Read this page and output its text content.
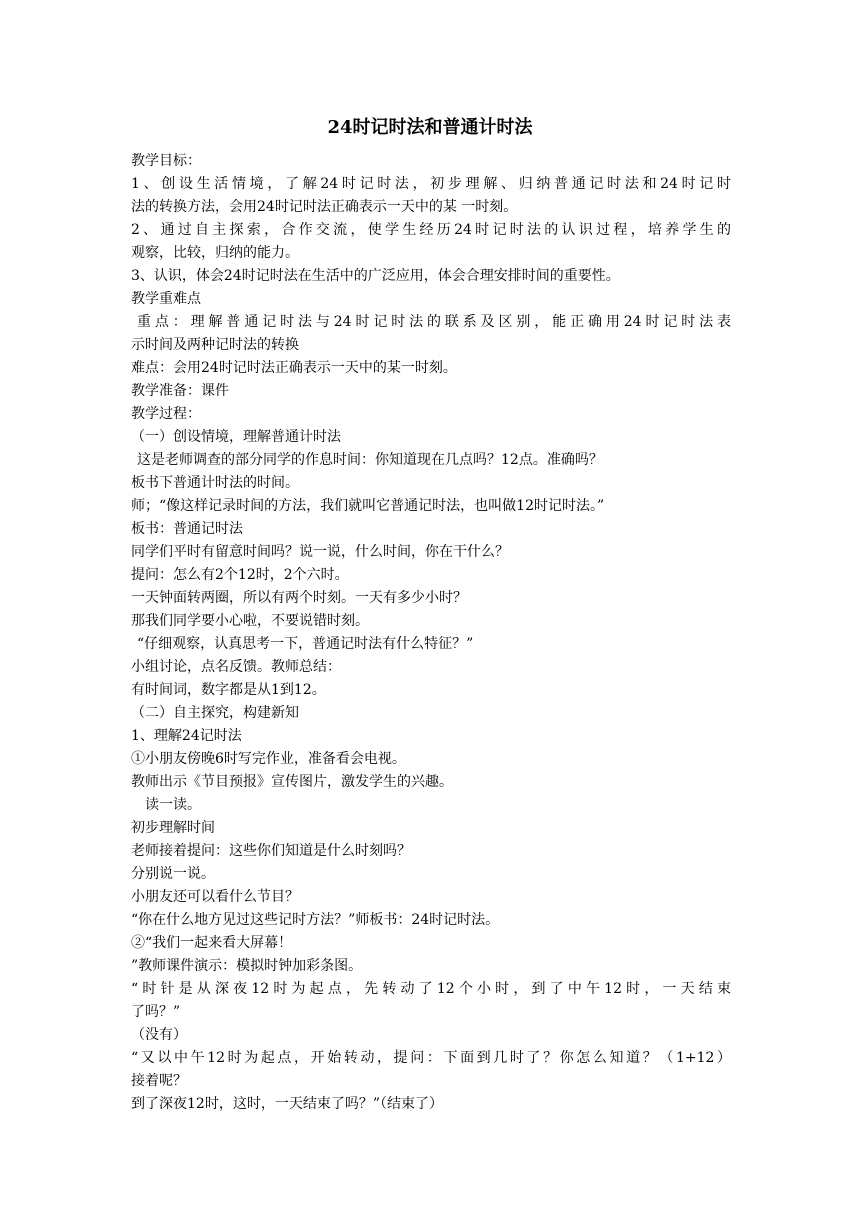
24时记时法和普通计时法
教学目标：
1、创设生活情境，了解24时记时法，初步理解、归纳普通记时法和24时记时
法的转换方法，会用24时记时法正确表示一天中的某 一时刻。
2、通过自主探索，合作交流，使学生经历24时记时法的认识过程，培养学生的
观察，比较，归纳的能力。
3、认识，体会24时记时法在生活中的广泛应用，体会合理安排时间的重要性。
教学重难点
重点：理解普通记时法与24时记时法的联系及区别，能正确用24时记时法表
示时间及两种记时法的转换
难点：会用24时记时法正确表示一天中的某一时刻。
教学准备：课件
教学过程：
（一）创设情境，理解普通计时法
这是老师调查的部分同学的作息时间：你知道现在几点吗？12点。准确吗？
板书下普通计时法的时间。
师；“像这样记录时间的方法，我们就叫它普通记时法，也叫做12时记时法。”
板书：普通记时法
同学们平时有留意时间吗？说一说，什么时间，你在干什么？
提问：怎么有2个12时，2个六时。
一天钟面转两圈，所以有两个时刻。一天有多少小时？
那我们同学要小心啦，不要说错时刻。
“仔细观察，认真思考一下，普通记时法有什么特征？”
小组讨论，点名反馈。教师总结：
有时间词，数字都是从1到12。
（二）自主探究，构建新知
1、理解24记时法
①小朋友傍晚6时写完作业，准备看会电视。
教师出示《节目预报》宣传图片，激发学生的兴趣。
读一读。
初步理解时间
老师接着提问：这些你们知道是什么时刻吗？
分别说一说。
小朋友还可以看什么节目？
“你在什么地方见过这些记时方法？”师板书：24时记时法。
②“我们一起来看大屏幕！
”教师课件演示：模拟时钟加彩条图。
“时针是从深夜12时为起点，先转动了12个小时，到了中午12时，一天结束
了吗？”
（没有）
“又以中午12时为起点，开始转动，提问：下面到几时了？你怎么知道？（1+12）
接着呢？
到了深夜12时，这时，一天结束了吗？”（结束了）
